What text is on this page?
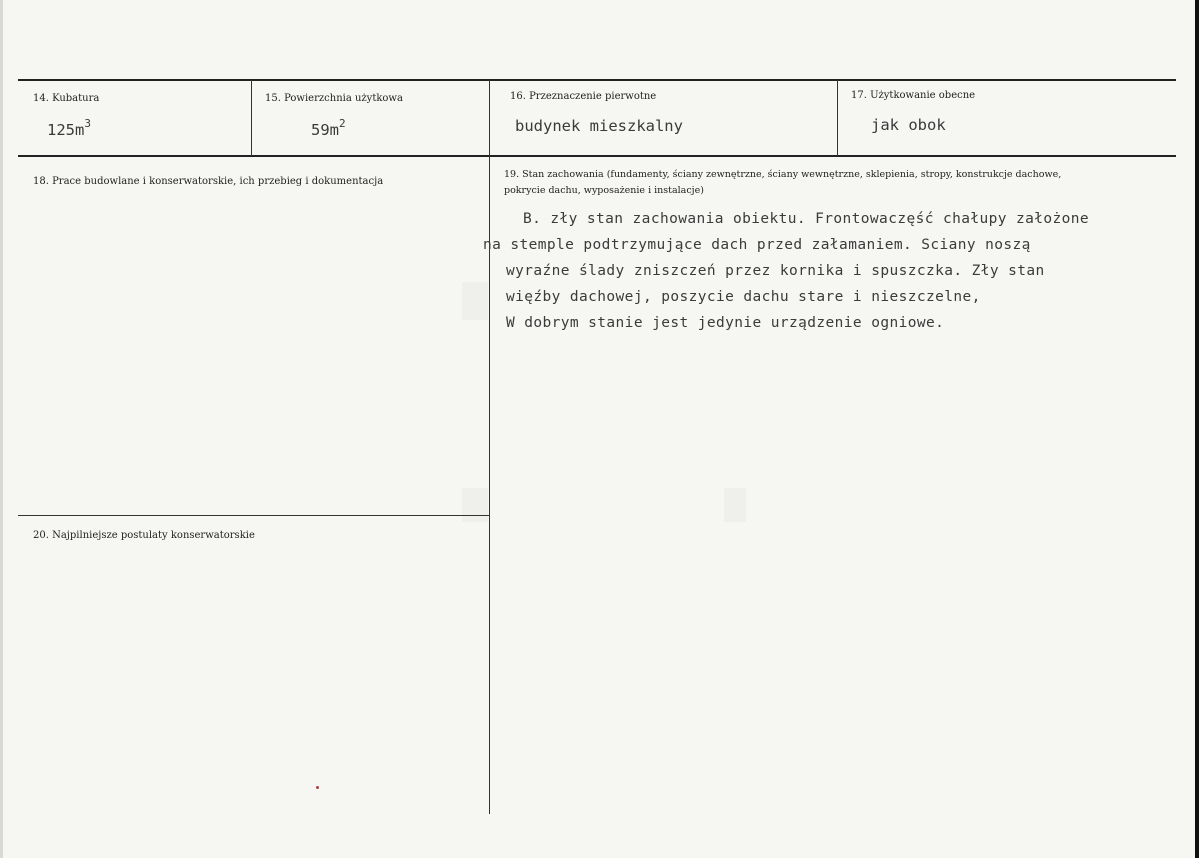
14. Kubatura
$125m^3$
15. Powierzchnia użytkowa
$59m^2$
16. Przeznaczenie pierwotne
budynek mieszkalny
17. Użytkowanie obecne
jak obok
18. Prace budowlane i konserwatorskie, ich przebieg i dokumentacja
19. Stan zachowania (fundamenty, ściany zewnętrzne, ściany wewnętrzne, sklepienia, stropy, konstrukcje dachowe, pokrycie dachu, wyposażenie i instalacje)
B. zły stan zachowania obiektu. Frontowaczęść chałupy założone
na stemple podtrzymujące dach przed załamaniem. Sciany noszą
wyraźne ślady zniszczeń przez kornika i spuszczka. Zły stan
więźby dachowej, poszycie dachu stare i nieszczelne,
W dobrym stanie jest jedynie urządzenie ogniowe.
20. Najpilniejsze postulaty konserwatorskie
